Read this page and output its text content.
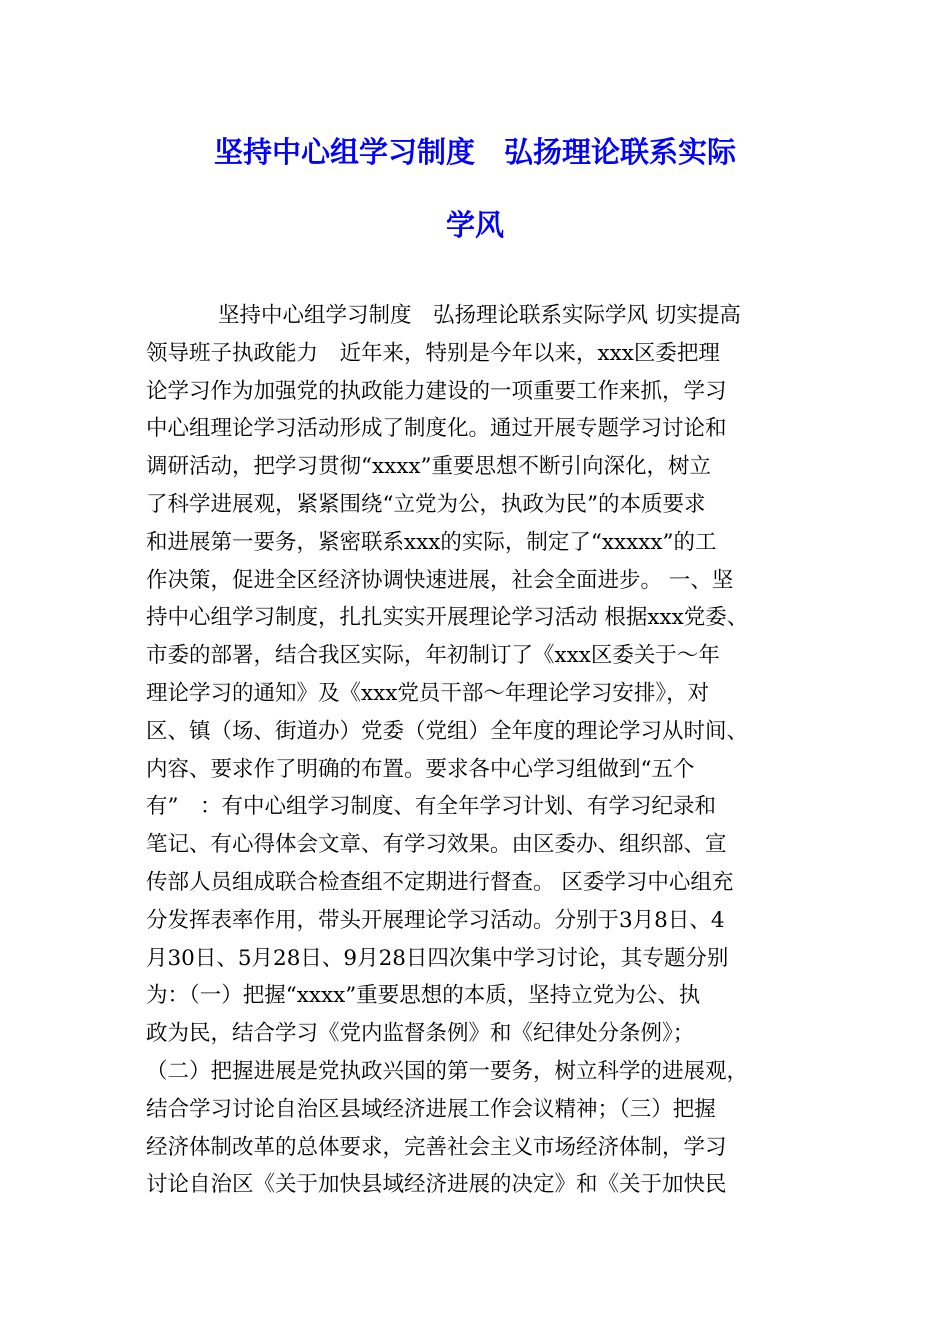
坚持中心组学习制度　弘扬理论联系实际
学风
坚持中心组学习制度　弘扬理论联系实际学风 切实提高
领导班子执政能力　近年来，特别是今年以来，xxx区委把理
论学习作为加强党的执政能力建设的一项重要工作来抓，学习
中心组理论学习活动形成了制度化。通过开展专题学习讨论和
调研活动，把学习贯彻“xxxx”重要思想不断引向深化，树立
了科学进展观，紧紧围绕“立党为公，执政为民”的本质要求
和进展第一要务，紧密联系xxx的实际，制定了“xxxxx”的工
作决策，促进全区经济协调快速进展，社会全面进步。 一、坚
持中心组学习制度，扎扎实实开展理论学习活动 根据xxx党委、
市委的部署，结合我区实际，年初制订了《xxx区委关于～年
理论学习的通知》及《xxx党员干部～年理论学习安排》，对
区、镇（场、街道办）党委（党组）全年度的理论学习从时间、
内容、要求作了明确的布置。要求各中心学习组做到“五个
有”　：有中心组学习制度、有全年学习计划、有学习纪录和
笔记、有心得体会文章、有学习效果。由区委办、组织部、宣
传部人员组成联合检查组不定期进行督查。 区委学习中心组充
分发挥表率作用，带头开展理论学习活动。分别于3月8日、4
月30日、5月28日、9月28日四次集中学习讨论，其专题分别
为：（一）把握“xxxx”重要思想的本质，坚持立党为公、执
政为民，结合学习《党内监督条例》和《纪律处分条例》；
（二）把握进展是党执政兴国的第一要务，树立科学的进展观，
结合学习讨论自治区县域经济进展工作会议精神；（三）把握
经济体制改革的总体要求，完善社会主义市场经济体制，学习
讨论自治区《关于加快县域经济进展的决定》和《关于加快民
